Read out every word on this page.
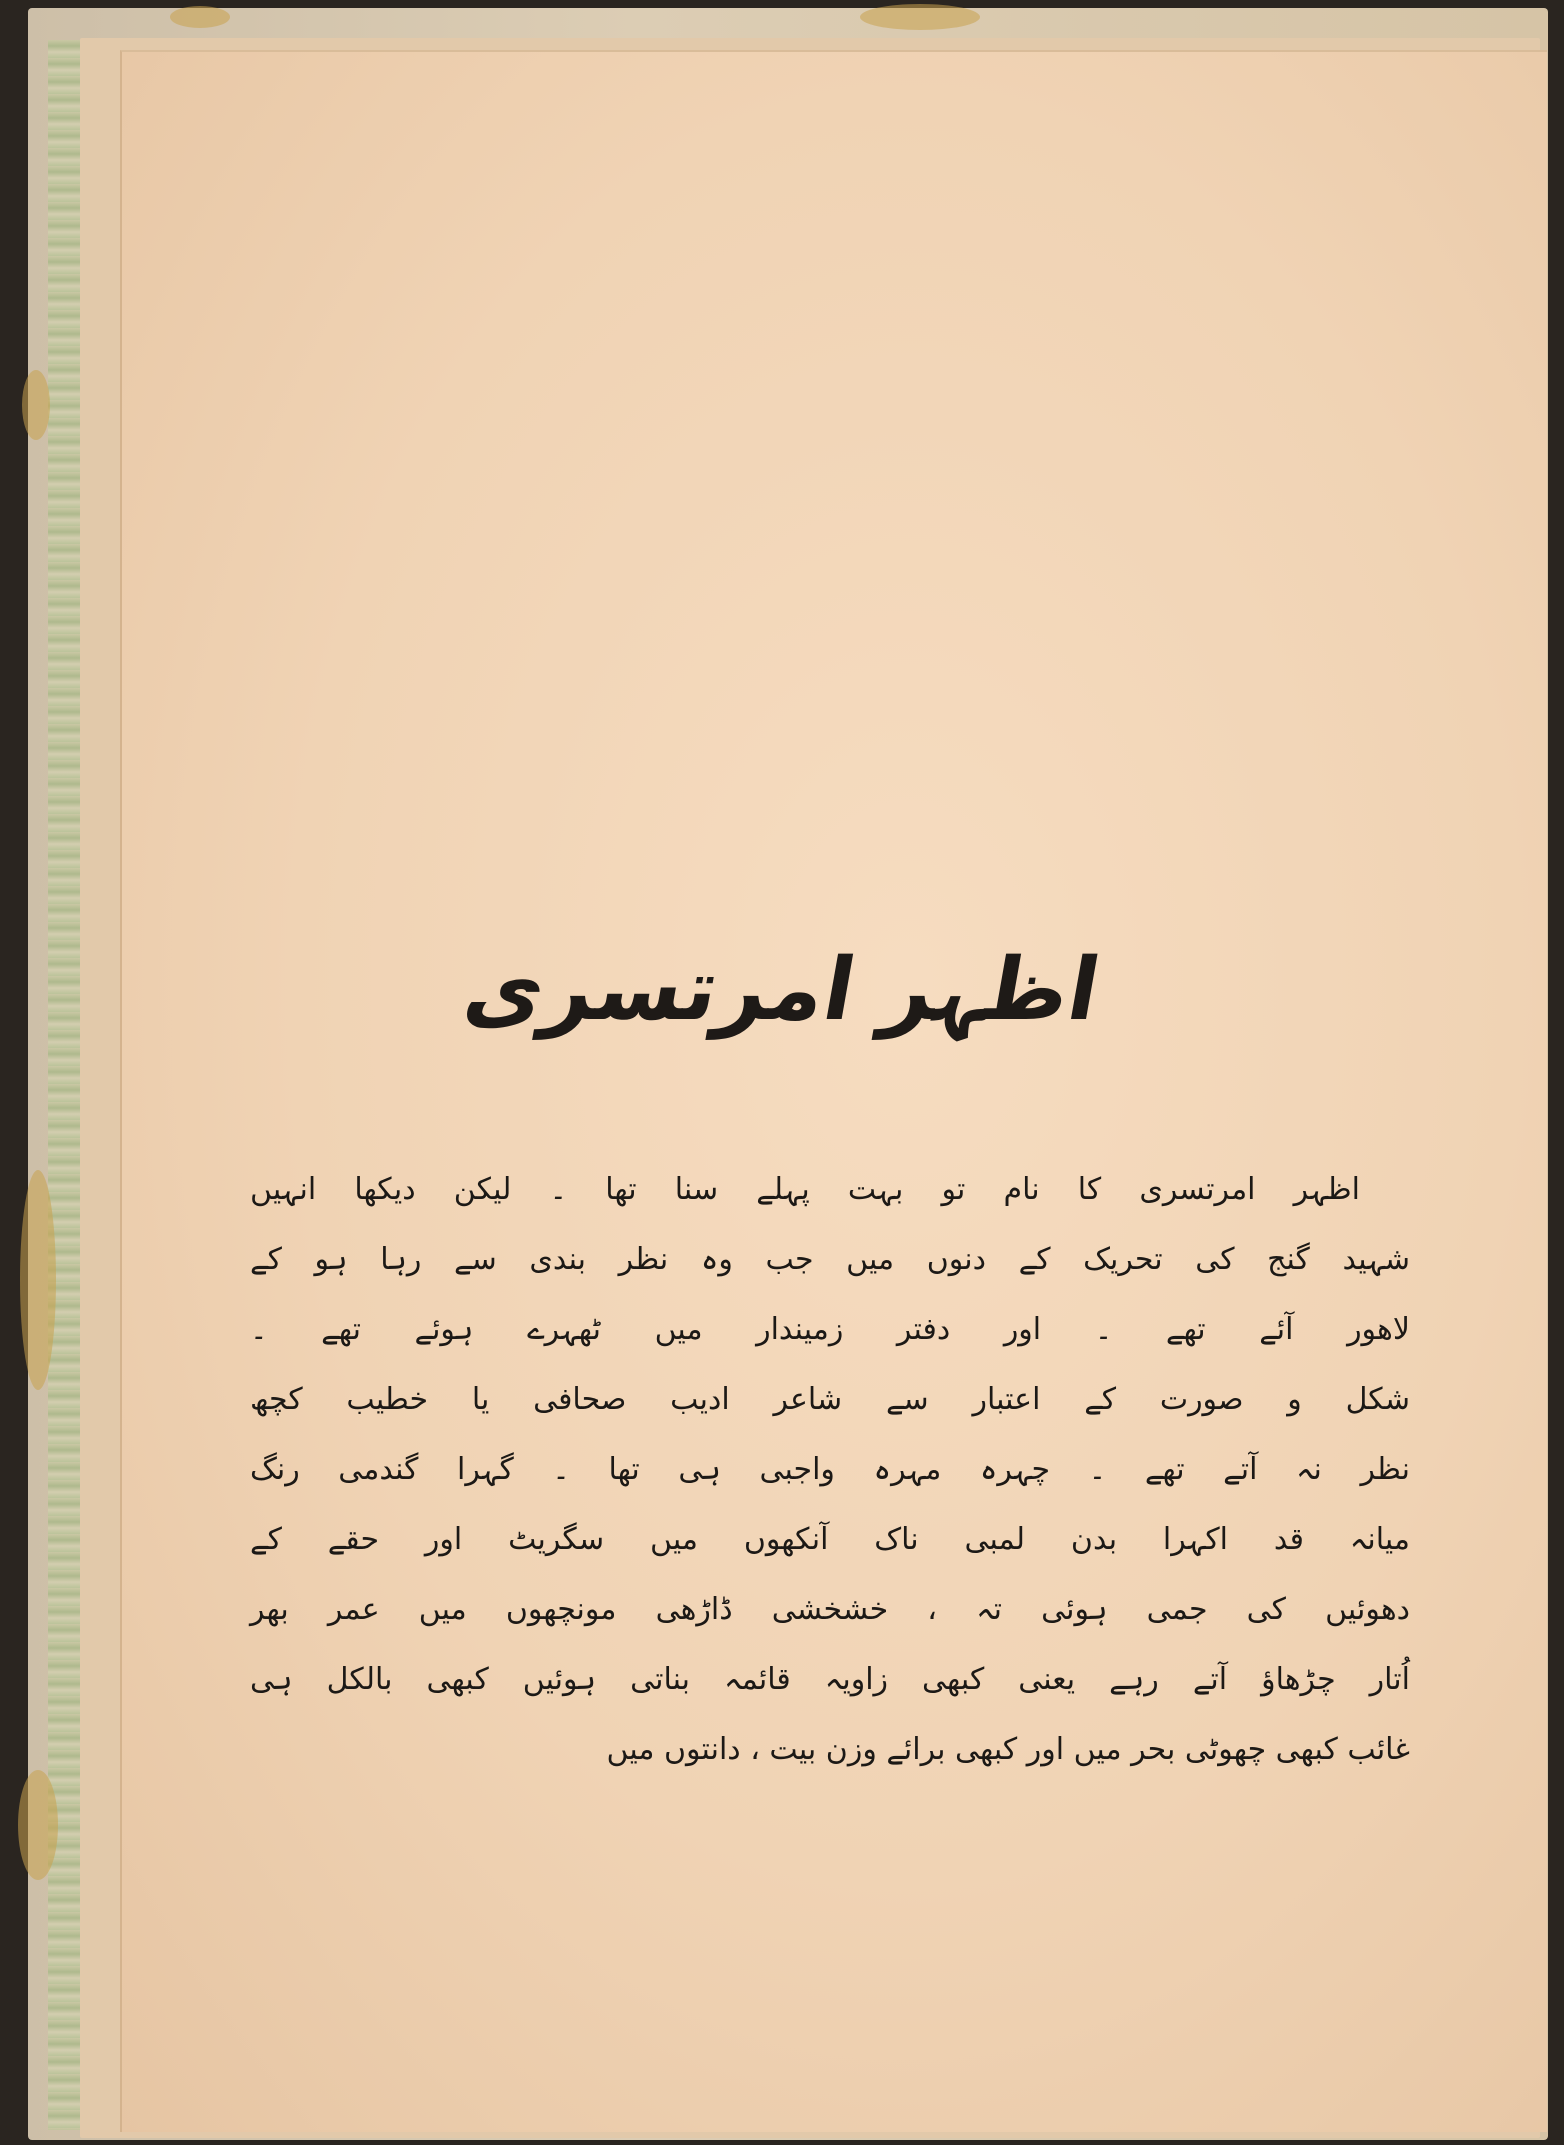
اظہر امرتسری
اظہر امرتسری کا نام تو بہت پہلے سنا تھا ۔ لیکن دیکھا انہیں
شہید گنج کی تحریک کے دنوں میں جب وہ نظر بندی سے رہا ہو کے
لاھور آئے تھے ۔ اور دفتر زمیندار میں ٹھہرے ہوئے تھے ۔
شکل و صورت کے اعتبار سے شاعر ادیب صحافی یا خطیب کچھ
نظر نہ آتے تھے ۔ چہرہ مہرہ واجبی ہی تھا ۔ گہرا گندمی رنگ
میانہ قد اکہرا بدن لمبی ناک آنکھوں میں سگریٹ اور حقے کے
دھوئیں کی جمی ہوئی تہ ، خشخشی ڈاڑھی مونچھوں میں عمر بھر
اُتار چڑھاؤ آتے رہے یعنی کبھی زاویہ قائمہ بناتی ہوئیں کبھی بالکل ہی
غائب کبھی چھوٹی بحر میں اور کبھی برائے وزن بیت ، دانتوں میں
